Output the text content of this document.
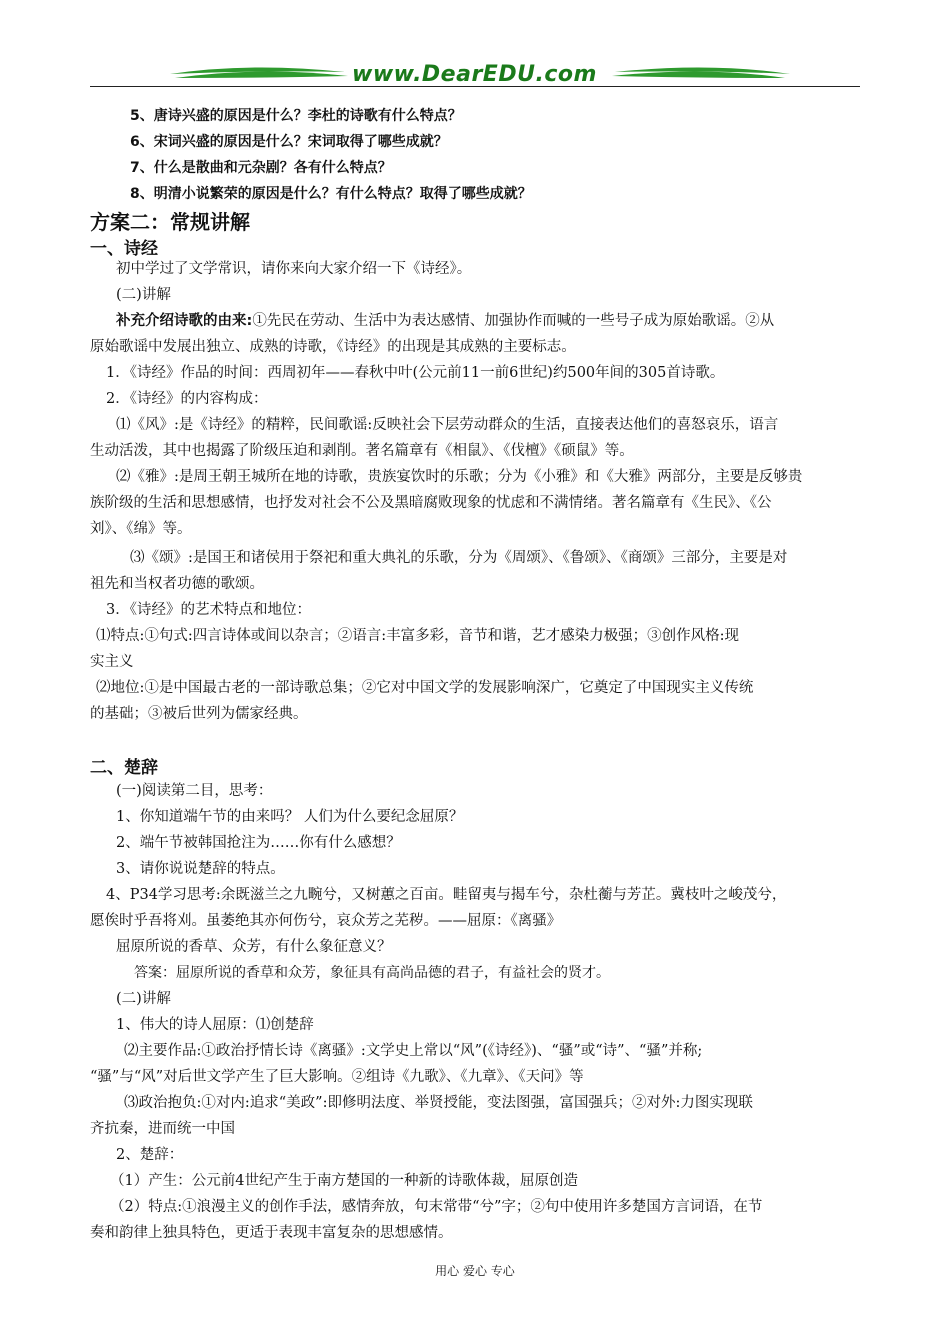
www.DearEDU.com
5、唐诗兴盛的原因是什么？李杜的诗歌有什么特点？
6、宋词兴盛的原因是什么？宋词取得了哪些成就？
7、什么是散曲和元杂剧？各有什么特点？
8、明清小说繁荣的原因是什么？有什么特点？取得了哪些成就？
方案二：常规讲解
一、诗经
初中学过了文学常识，请你来向大家介绍一下《诗经》。
(二)讲解
补充介绍诗歌的由来:①先民在劳动、生活中为表达感情、加强协作而喊的一些号子成为原始歌谣。②从
原始歌谣中发展出独立、成熟的诗歌，《诗经》的出现是其成熟的主要标志。
1．《诗经》作品的时间：西周初年——春秋中叶(公元前11一前6世纪)约500年间的305首诗歌。
2．《诗经》的内容构成：
⑴《风》:是《诗经》的精粹，民间歌谣:反映社会下层劳动群众的生活，直接表达他们的喜怒哀乐，语言
生动活泼，其中也揭露了阶级压迫和剥削。著名篇章有《相鼠》、《伐檀》《硕鼠》等。
⑵《雅》:是周王朝王城所在地的诗歌，贵族宴饮时的乐歌；分为《小雅》和《大雅》两部分，主要是反够贵
族阶级的生活和思想感情，也抒发对社会不公及黑暗腐败现象的忧虑和不满情绪。著名篇章有《生民》、《公
刘》、《绵》等。
⑶《颂》:是国王和诸侯用于祭祀和重大典礼的乐歌，分为《周颂》、《鲁颂》、《商颂》三部分，主要是对
祖先和当权者功德的歌颂。
3．《诗经》的艺术特点和地位：
⑴特点:①句式:四言诗体或间以杂言；②语言:丰富多彩，音节和谐，艺才感染力极强；③创作风格:现
实主义
⑵地位:①是中国最古老的一部诗歌总集；②它对中国文学的发展影响深广，它奠定了中国现实主义传统
的基础；③被后世列为儒家经典。
二、楚辞
(一)阅读第二目，思考：
1、你知道端午节的由来吗？ 人们为什么要纪念屈原？
2、端午节被韩国抢注为……你有什么感想？
3、请你说说楚辞的特点。
4、P34学习思考:余既滋兰之九畹兮，又树蕙之百亩。畦留夷与揭车兮，杂杜蘅与芳芷。冀枝叶之峻茂兮，
愿俟时乎吾将刈。虽萎绝其亦何伤兮，哀众芳之芜秽。——屈原：《离骚》
屈原所说的香草、众芳，有什么象征意义？
答案：屈原所说的香草和众芳，象征具有高尚品德的君子，有益社会的贤才。
(二)讲解
1、伟大的诗人屈原：⑴创楚辞
⑵主要作品:①政治抒情长诗《离骚》:文学史上常以“风”(《诗经》)、“骚”或“诗”、“骚”并称;
“骚”与“风”对后世文学产生了巨大影响。②组诗《九歌》、《九章》、《天问》等
⑶政治抱负:①对内:追求“美政”:即修明法度、举贤授能，变法图强，富国强兵；②对外:力图实现联
齐抗秦，进而统一中国
2、楚辞：
（1）产生：公元前4世纪产生于南方楚国的一种新的诗歌体裁，屈原创造
（2）特点:①浪漫主义的创作手法，感情奔放，句末常带“兮”字；②句中使用许多楚国方言词语，在节
奏和韵律上独具特色，更适于表现丰富复杂的思想感情。
用心 爱心 专心
